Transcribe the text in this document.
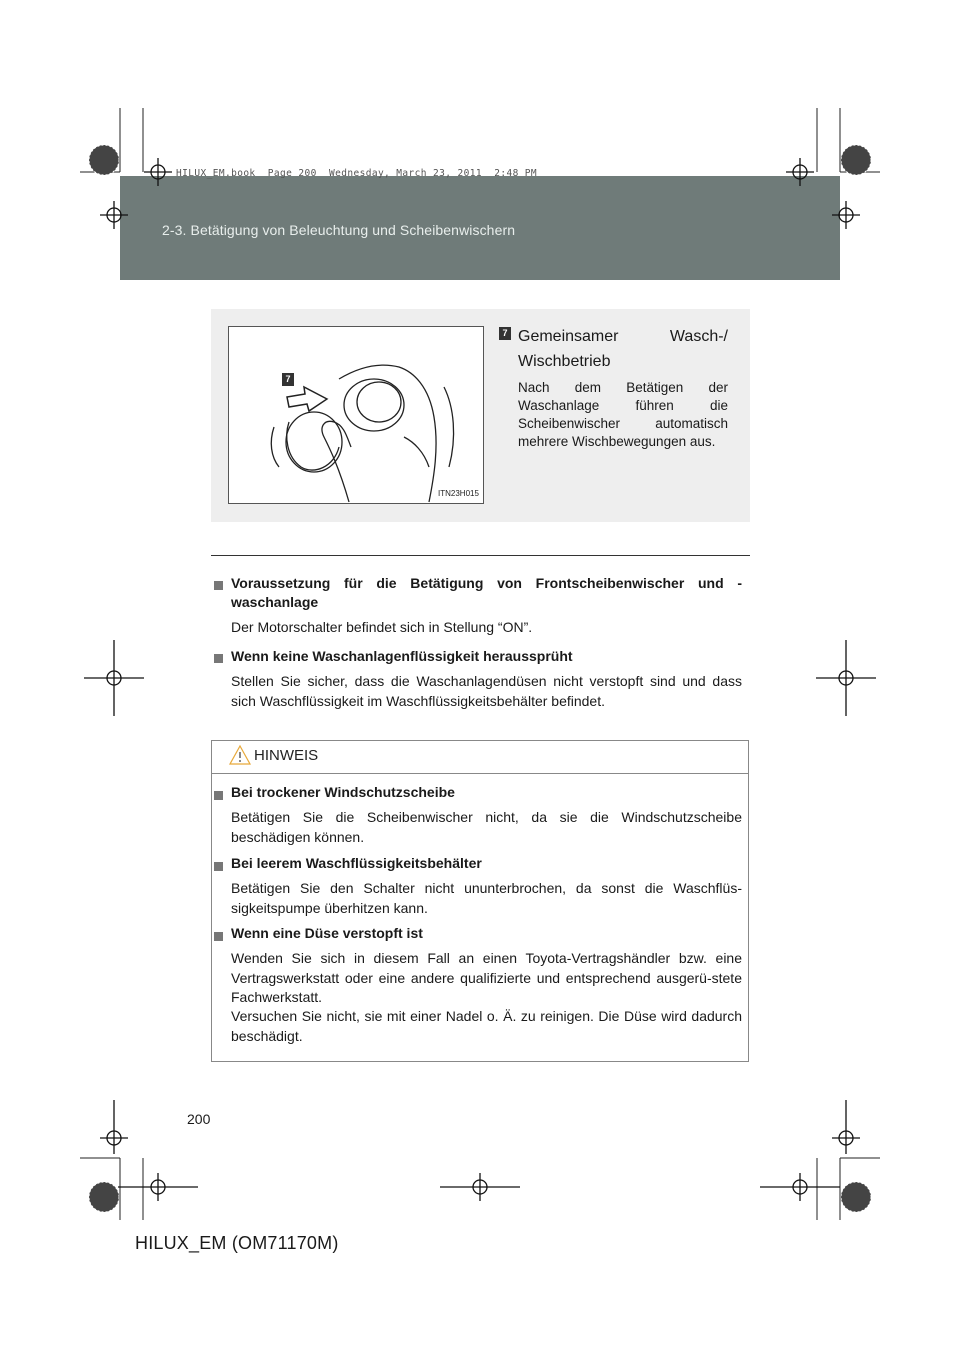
2-3. Betätigung von Beleuchtung und Scheibenwischern
HILUX_EM.book  Page 200  Wednesday, March 23, 2011  2:48 PM
7
ITN23H015
7 Gemeinsamer Wasch-/ Wischbetrieb
Nach dem Betätigen der Waschanlage führen die Scheibenwischer automatisch mehrere Wischbewegungen aus.
Voraussetzung für die Betätigung von Frontscheibenwischer und -waschanlage
Der Motorschalter befindet sich in Stellung “ON”.
Wenn keine Waschanlagenflüssigkeit heraussprüht
Stellen Sie sicher, dass die Waschanlagendüsen nicht verstopft sind und dass sich Waschflüssigkeit im Waschflüssigkeitsbehälter befindet.
HINWEIS
Bei trockener Windschutzscheibe
Betätigen Sie die Scheibenwischer nicht, da sie die Windschutzscheibe beschädigen können.
Bei leerem Waschflüssigkeitsbehälter
Betätigen Sie den Schalter nicht ununterbrochen, da sonst die Waschflüs-sigkeitspumpe überhitzen kann.
Wenn eine Düse verstopft ist
Wenden Sie sich in diesem Fall an einen Toyota-Vertragshändler bzw. eine Vertragswerkstatt oder eine andere qualifizierte und entsprechend ausgerü-stete Fachwerkstatt.
Versuchen Sie nicht, sie mit einer Nadel o. Ä. zu reinigen. Die Düse wird dadurch beschädigt.
200
HILUX_EM (OM71170M)
